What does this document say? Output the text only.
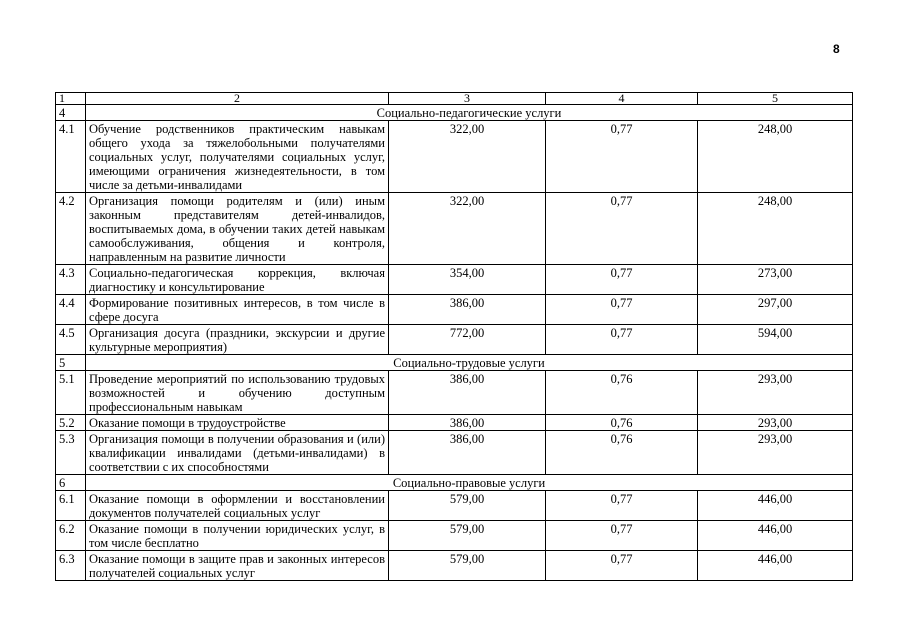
8
1	2	3	4	5
4	Социально-педагогические услуги			
4.1	Обучение родственников практическим навыкам общего ухода за тяжелобольными получателями социальных услуг, получателями социальных услуг, имеющими ограничения жизнедеятельности, в том числе за детьми-инвалидами	322,00	0,77	248,00
4.2	Организация помощи родителям и (или) иным законным представителям детей-инвалидов, воспитываемых дома, в обучении таких детей навыкам самообслуживания, общения и контроля, направленным на развитие личности	322,00	0,77	248,00
4.3	Социально-педагогическая коррекция, включая диагностику и консультирование	354,00	0,77	273,00
4.4	Формирование позитивных интересов, в том числе в сфере досуга	386,00	0,77	297,00
4.5	Организация досуга (праздники, экскурсии и другие культурные мероприятия)	772,00	0,77	594,00
5	Социально-трудовые услуги			
5.1	Проведение мероприятий по использованию трудовых возможностей и обучению доступным профессиональным навыкам	386,00	0,76	293,00
5.2	Оказание помощи в трудоустройстве	386,00	0,76	293,00
5.3	Организация помощи в получении образования и (или) квалификации инвалидами (детьми-инвалидами) в соответствии с их способностями	386,00	0,76	293,00
6	Социально-правовые услуги			
6.1	Оказание помощи в оформлении и восстановлении документов получателей социальных услуг	579,00	0,77	446,00
6.2	Оказание помощи в получении юридических услуг, в том числе бесплатно	579,00	0,77	446,00
6.3	Оказание помощи в защите прав и законных интересов получателей социальных услуг	579,00	0,77	446,00
